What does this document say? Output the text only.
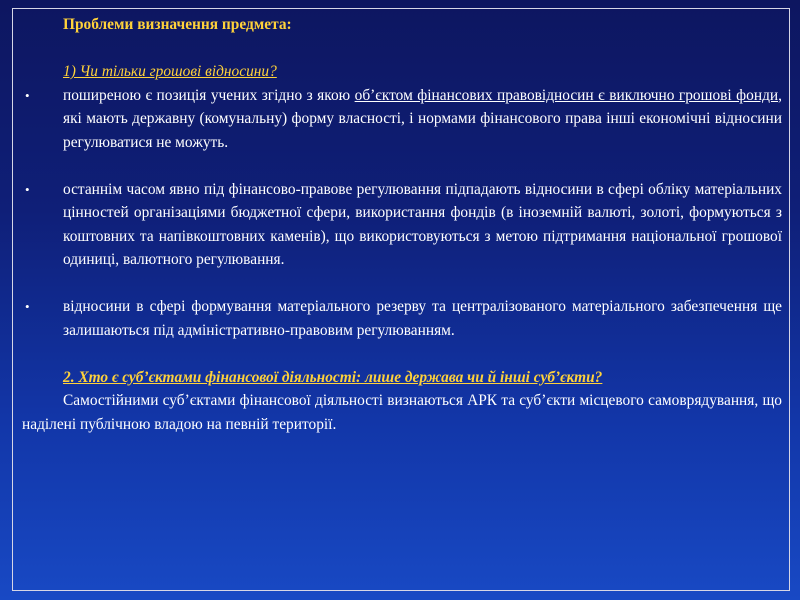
Проблеми визначення предмета:

1) Чи тільки грошові відносини?

• поширеною є позиція учених згідно з якою об’єктом фінансових правовідносин є виключно грошові фонди, які мають державну (комунальну) форму власності, і нормами фінансового права інші економічні відносини регулюватися не можуть.

• останнім часом явно під фінансово-правове регулювання підпадають відносини в сфері обліку матеріальних цінностей організаціями бюджетної сфери, використання фондів (в іноземній валюті, золоті, формуються з коштовних та напівкоштовних каменів), що використовуються з метою підтримання національної грошової одиниці, валютного регулювання.

• відносини в сфері формування матеріального резерву та централізованого матеріального забезпечення ще залишаються під адміністративно-правовим регулюванням.

2. Хто є суб’єктами фінансової діяльності: лише держава чи й інші суб’єкти?

Самостійними суб’єктами фінансової діяльності визнаються АРК та суб’єкти місцевого самоврядування, що наділені публічною владою на певній території.
